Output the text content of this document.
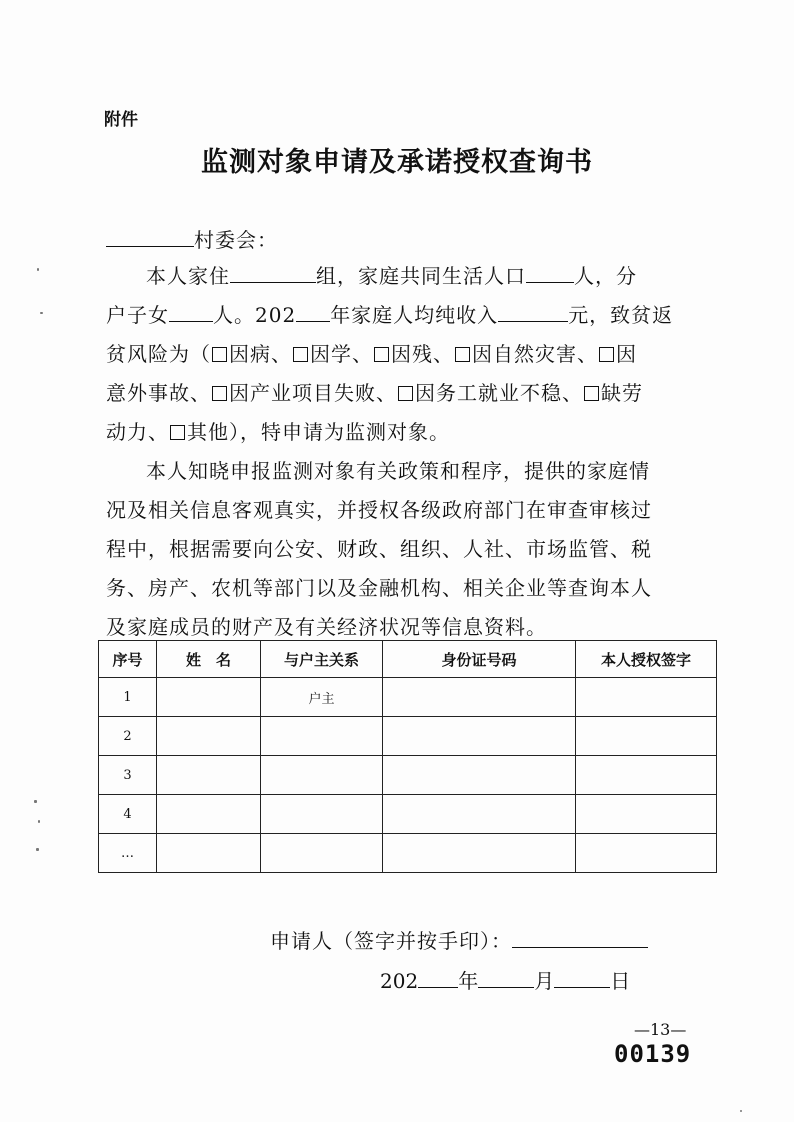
附件
监测对象申请及承诺授权查询书
村委会：
本人家住	组，家庭共同生活人口 人，分
户子女 人。202 年家庭人均纯收入	元，致贫返
贫风险为（ 因病、 因学、 因残、 因自然灾害、 因
意外事故、 因产业项目失败、 因务工就业不稳、 缺劳
动力、 其他），特申请为监测对象。
本人知晓申报监测对象有关政策和程序，提供的家庭情
况及相关信息客观真实，并授权各级政府部门在审查审核过
程中，根据需要向公安、财政、组织、人社、市场监管、税
务、房产、农机等部门以及金融机构、相关企业等查询本人
及家庭成员的财产及有关经济状况等信息资料。
序号	姓　名	与户主关系	身份证号码	本人授权签字
1		户主		
2				
3				
4				
…				
申请人（签字并按手印）：
202 年	月	日
—13—
00139
